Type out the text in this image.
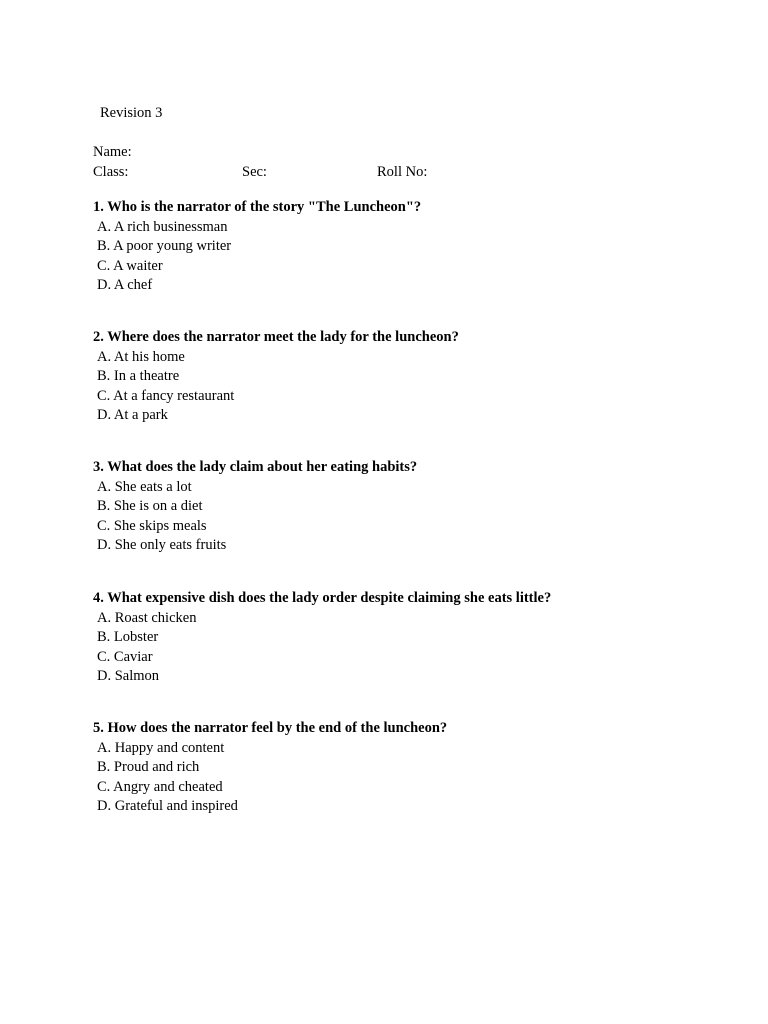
Revision 3
Name:
Class:	Sec:	Roll No:
1. Who is the narrator of the story "The Luncheon"?
A. A rich businessman
B. A poor young writer
C. A waiter
D. A chef
2. Where does the narrator meet the lady for the luncheon?
A. At his home
B. In a theatre
C. At a fancy restaurant
D. At a park
3. What does the lady claim about her eating habits?
A. She eats a lot
B. She is on a diet
C. She skips meals
D. She only eats fruits
4. What expensive dish does the lady order despite claiming she eats little?
A. Roast chicken
B. Lobster
C. Caviar
D. Salmon
5. How does the narrator feel by the end of the luncheon?
A. Happy and content
B. Proud and rich
C. Angry and cheated
D. Grateful and inspired
